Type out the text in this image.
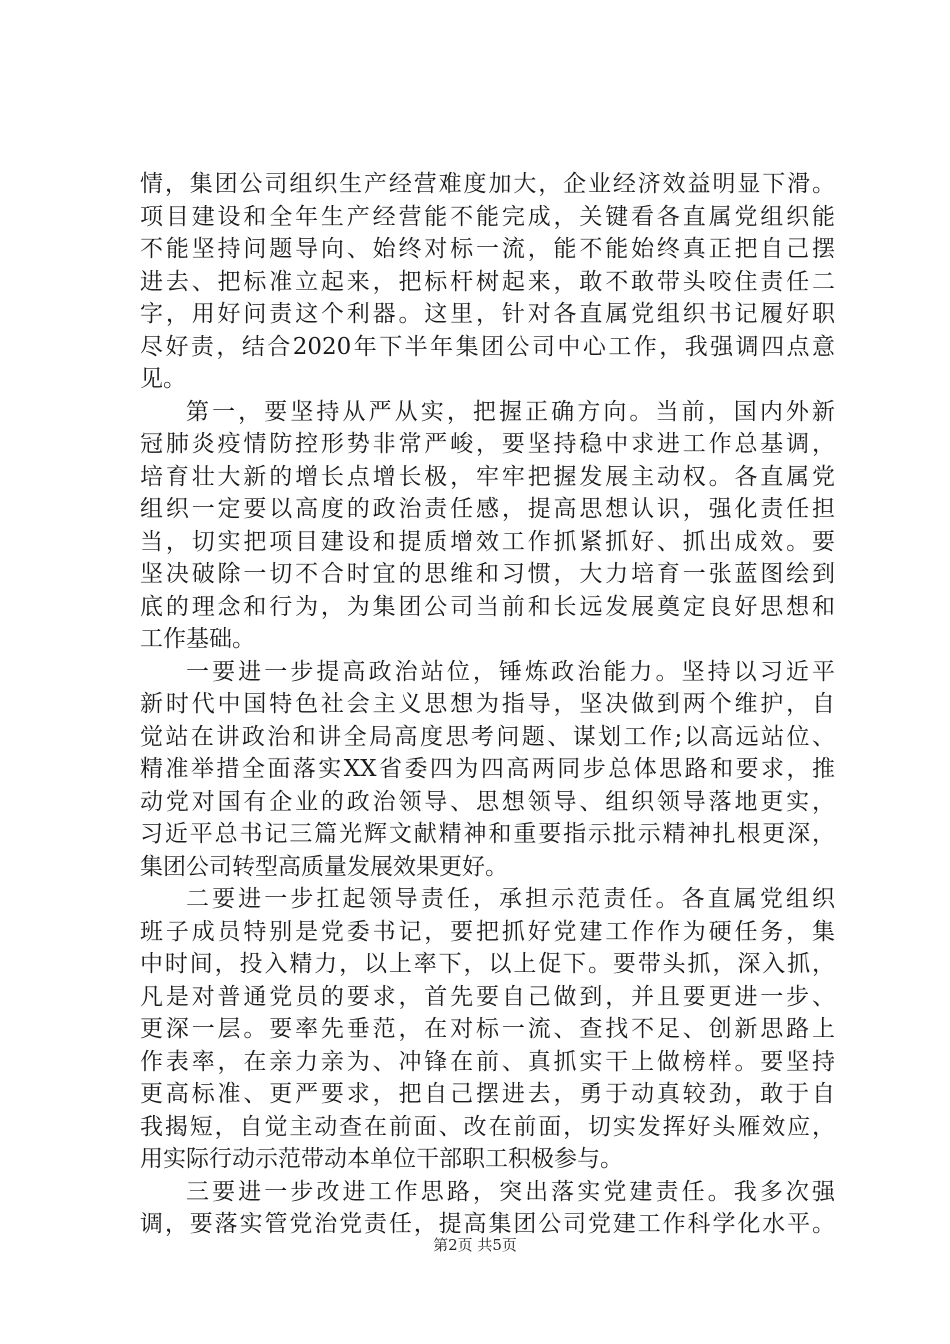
情，集团公司组织生产经营难度加大，企业经济效益明显下滑。
项目建设和全年生产经营能不能完成，关键看各直属党组织能
不能坚持问题导向、始终对标一流，能不能始终真正把自己摆
进去、把标准立起来，把标杆树起来，敢不敢带头咬住责任二
字，用好问责这个利器。这里，针对各直属党组织书记履好职
尽好责，结合2020年下半年集团公司中心工作，我强调四点意
见。
第一，要坚持从严从实，把握正确方向。当前，国内外新
冠肺炎疫情防控形势非常严峻，要坚持稳中求进工作总基调，
培育壮大新的增长点增长极，牢牢把握发展主动权。各直属党
组织一定要以高度的政治责任感，提高思想认识，强化责任担
当，切实把项目建设和提质增效工作抓紧抓好、抓出成效。要
坚决破除一切不合时宜的思维和习惯，大力培育一张蓝图绘到
底的理念和行为，为集团公司当前和长远发展奠定良好思想和
工作基础。
一要进一步提高政治站位，锤炼政治能力。坚持以习近平
新时代中国特色社会主义思想为指导，坚决做到两个维护，自
觉站在讲政治和讲全局高度思考问题、谋划工作;以高远站位、
精准举措全面落实XX省委四为四高两同步总体思路和要求，推
动党对国有企业的政治领导、思想领导、组织领导落地更实，
习近平总书记三篇光辉文献精神和重要指示批示精神扎根更深，
集团公司转型高质量发展效果更好。
二要进一步扛起领导责任，承担示范责任。各直属党组织
班子成员特别是党委书记，要把抓好党建工作作为硬任务，集
中时间，投入精力，以上率下，以上促下。要带头抓，深入抓，
凡是对普通党员的要求，首先要自己做到，并且要更进一步、
更深一层。要率先垂范，在对标一流、查找不足、创新思路上
作表率，在亲力亲为、冲锋在前、真抓实干上做榜样。要坚持
更高标准、更严要求，把自己摆进去，勇于动真较劲，敢于自
我揭短，自觉主动查在前面、改在前面，切实发挥好头雁效应，
用实际行动示范带动本单位干部职工积极参与。
三要进一步改进工作思路，突出落实党建责任。我多次强
调，要落实管党治党责任，提高集团公司党建工作科学化水平。
第2页 共5页
